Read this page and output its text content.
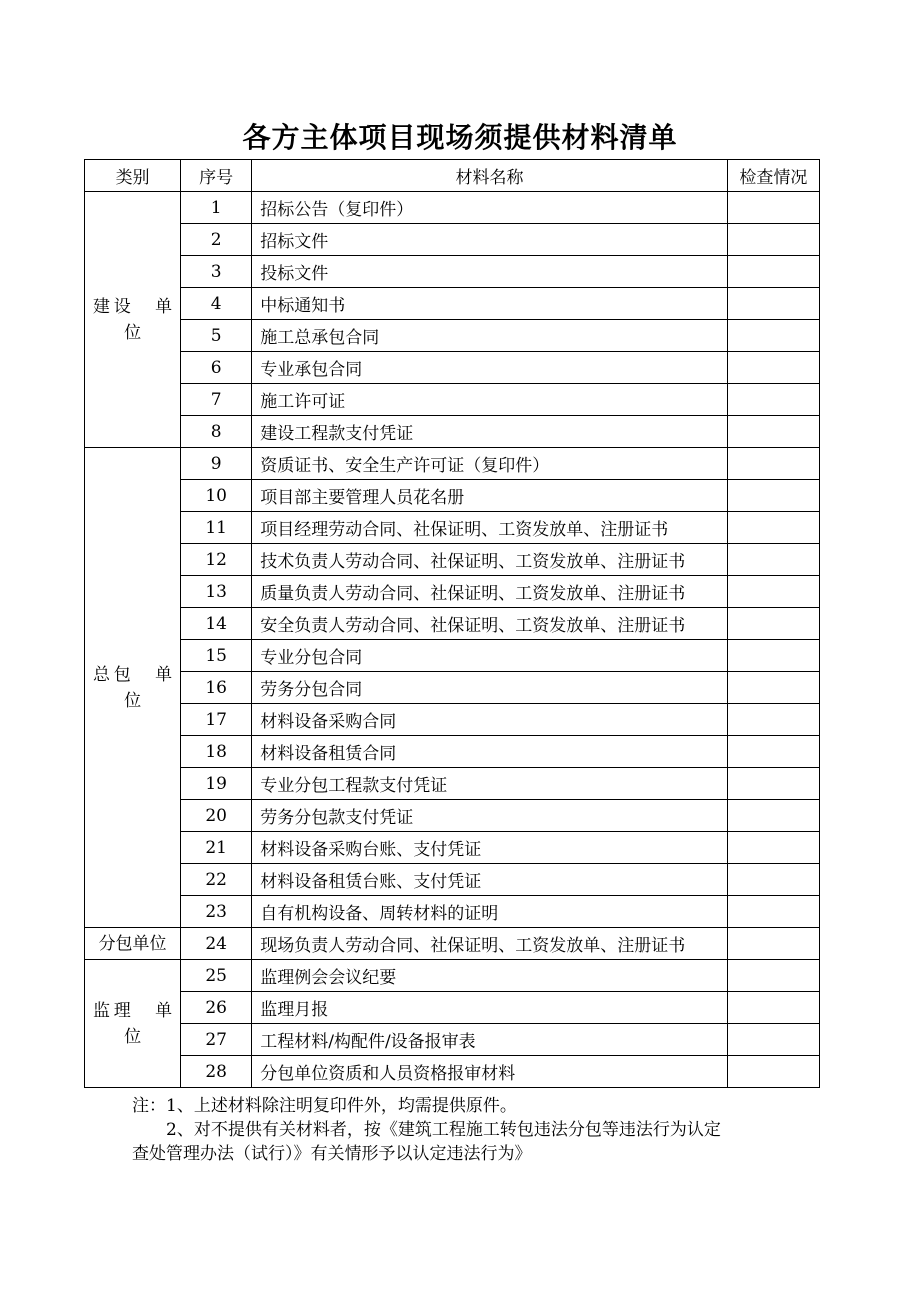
各方主体项目现场须提供材料清单
类别	序号	材料名称	检查情况

建设　单
位	1	招标公告（复印件）	
	2	招标文件	
	3	投标文件	
	4	中标通知书	
	5	施工总承包合同	
	6	专业承包合同	
	7	施工许可证	
	8	建设工程款支付凭证	

总包　单
位	9	资质证书、安全生产许可证（复印件）	
	10	项目部主要管理人员花名册	
	11	项目经理劳动合同、社保证明、工资发放单、注册证书	
	12	技术负责人劳动合同、社保证明、工资发放单、注册证书	
	13	质量负责人劳动合同、社保证明、工资发放单、注册证书	
	14	安全负责人劳动合同、社保证明、工资发放单、注册证书	
	15	专业分包合同	
	16	劳务分包合同	
	17	材料设备采购合同	
	18	材料设备租赁合同	
	19	专业分包工程款支付凭证	
	20	劳务分包款支付凭证	
	21	材料设备采购台账、支付凭证	
	22	材料设备租赁台账、支付凭证	
	23	自有机构设备、周转材料的证明	

分包单位	24	现场负责人劳动合同、社保证明、工资发放单、注册证书	

监理　单
位	25	监理例会会议纪要	
	26	监理月报	
	27	工程材料/构配件/设备报审表	
	28	分包单位资质和人员资格报审材料	
注：1、上述材料除注明复印件外，均需提供原件。
2、对不提供有关材料者，按《建筑工程施工转包违法分包等违法行为认定
查处管理办法（试行）》有关情形予以认定违法行为》
